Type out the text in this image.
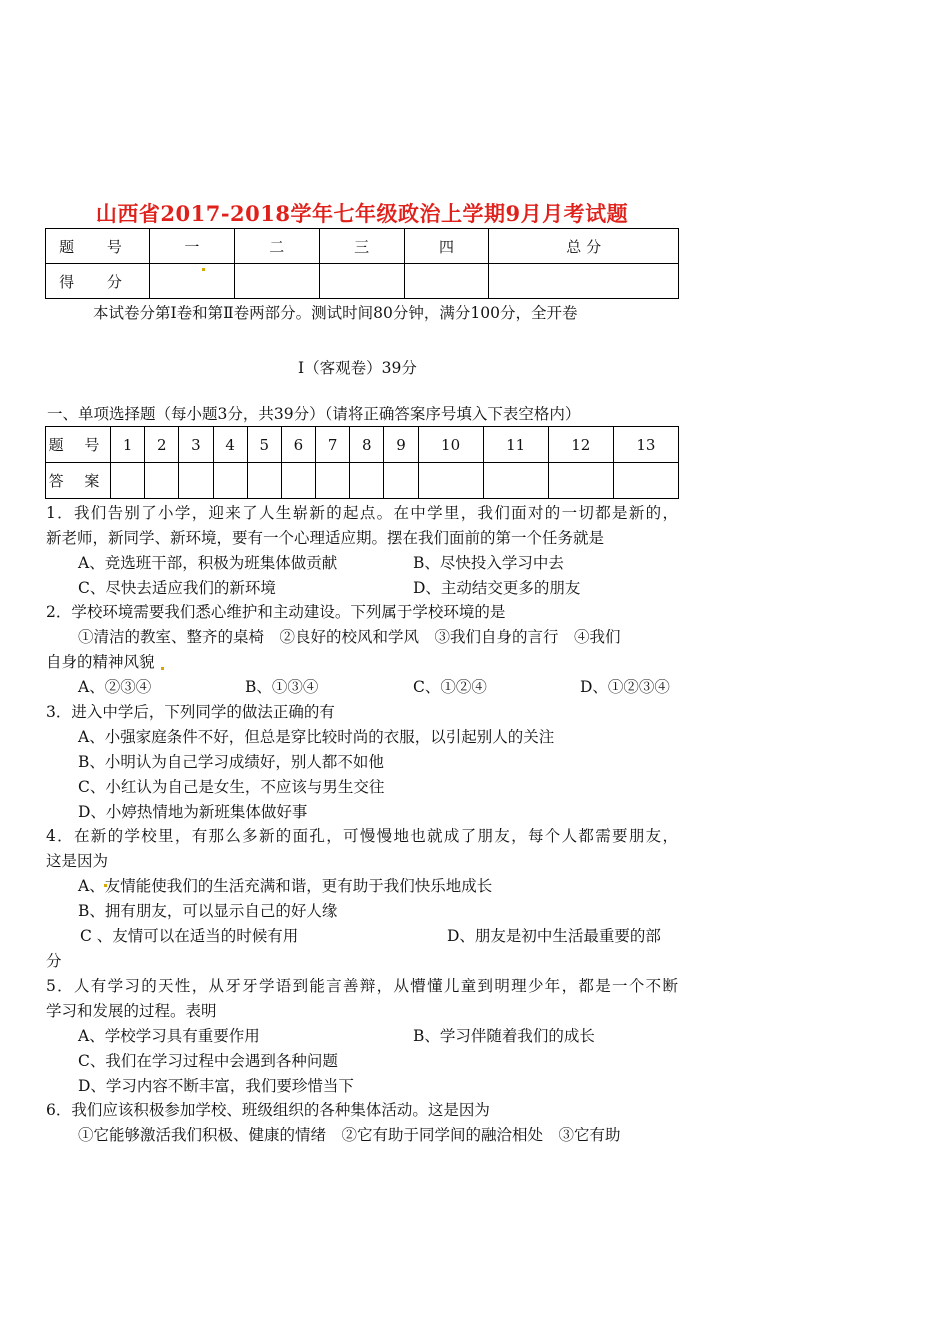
山西省2017-2018学年七年级政治上学期9月月考试题
题 号	一	二	三	四	总 分
得 分	

本试卷分第Ⅰ卷和第Ⅱ卷两部分。测试时间80分钟，满分100分，全开卷
Ⅰ（客观卷）39分
一、单项选择题（每小题3分，共39分）（请将正确答案序号填入下表空格内）
题 号	1	2	3	4	5	6	7	8	9	10	11	12	13
答 案													
1．我们告别了小学，迎来了人生崭新的起点。在中学里，我们面对的一切都是新的，
新老师，新同学、新环境，要有一个心理适应期。摆在我们面前的第一个任务就是
A、竞选班干部，积极为班集体做贡献	B、尽快投入学习中去
C、尽快去适应我们的新环境	D、主动结交更多的朋友
2．学校环境需要我们悉心维护和主动建设。下列属于学校环境的是
①清洁的教室、整齐的桌椅　②良好的校风和学风　③我们自身的言行　④我们
自身的精神风貌
A、②③④	B、①③④	C、①②④	D、①②③④
3．进入中学后，下列同学的做法正确的有
A、小强家庭条件不好，但总是穿比较时尚的衣服，以引起别人的关注
B、小明认为自己学习成绩好，别人都不如他
C、小红认为自己是女生，不应该与男生交往
D、小婷热情地为新班集体做好事
4．在新的学校里，有那么多新的面孔，可慢慢地也就成了朋友，每个人都需要朋友，
这是因为
A、友情能使我们的生活充满和谐，更有助于我们快乐地成长
B、拥有朋友，可以显示自己的好人缘
C 、友情可以在适当的时候有用	D、朋友是初中生活最重要的部
分
5．人有学习的天性，从牙牙学语到能言善辩，从懵懂儿童到明理少年，都是一个不断
学习和发展的过程。表明
A、学校学习具有重要作用	B、学习伴随着我们的成长
C、我们在学习过程中会遇到各种问题
D、学习内容不断丰富，我们要珍惜当下
6．我们应该积极参加学校、班级组织的各种集体活动。这是因为
①它能够激活我们积极、健康的情绪　②它有助于同学间的融洽相处　③它有助
